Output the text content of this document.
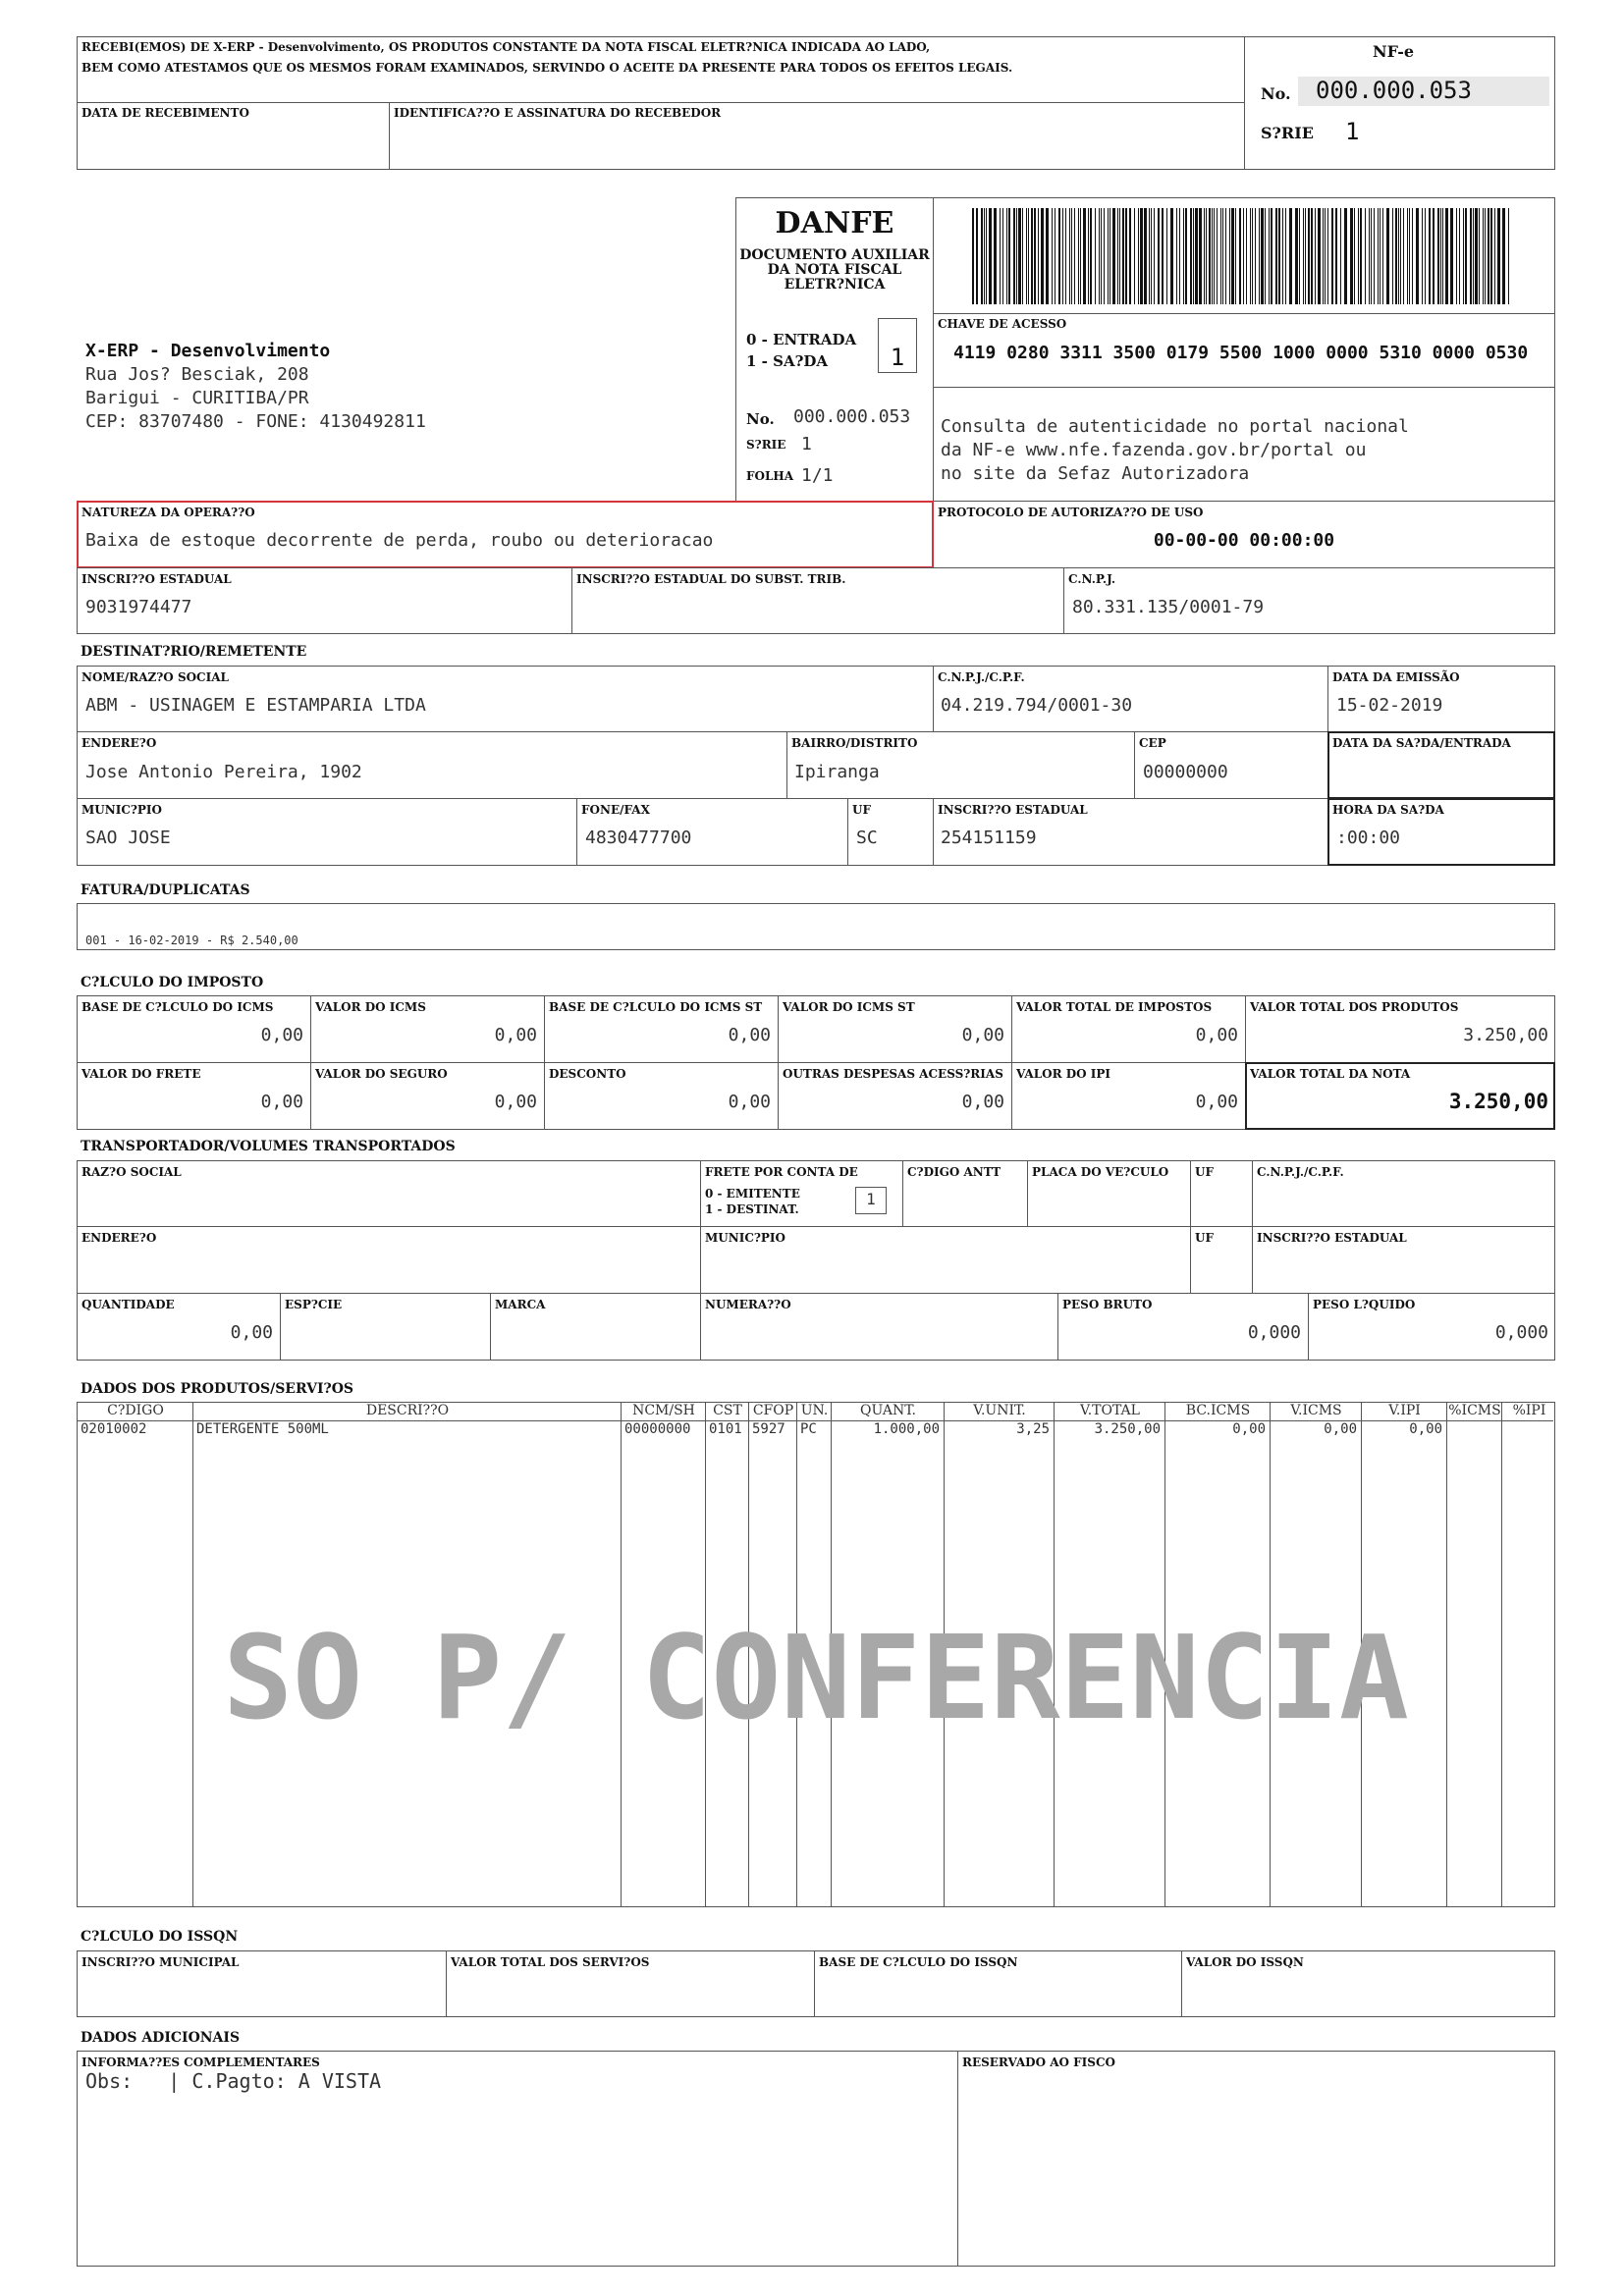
RECEBI(EMOS) DE X-ERP - Desenvolvimento, OS PRODUTOS CONSTANTE DA NOTA FISCAL ELETR?NICA INDICADA AO LADO,
BEM COMO ATESTAMOS QUE OS MESMOS FORAM EXAMINADOS, SERVINDO O ACEITE DA PRESENTE PARA TODOS OS EFEITOS LEGAIS.
DATA DE RECEBIMENTO	IDENTIFICA??O E ASSINATURA DO RECEBEDOR
NF-e
No. 000.000.053
S?RIE 1
X-ERP - Desenvolvimento
Rua Jos? Besciak, 208
Barigui - CURITIBA/PR
CEP: 83707480 - FONE: 4130492811
DANFE
DOCUMENTO AUXILIAR
DA NOTA FISCAL
ELETR?NICA
0 - ENTRADA
1 - SA?DA	1
No. 000.000.053
S?RIE 1
FOLHA 1/1
CHAVE DE ACESSO
4119 0280 3311 3500 0179 5500 1000 0000 5310 0000 0530
Consulta de autenticidade no portal nacional
da NF-e www.nfe.fazenda.gov.br/portal ou
no site da Sefaz Autorizadora
NATUREZA DA OPERA??O
Baixa de estoque decorrente de perda, roubo ou deterioracao
PROTOCOLO DE AUTORIZA??O DE USO
00-00-00 00:00:00
INSCRI??O ESTADUAL
9031974477
INSCRI??O ESTADUAL DO SUBST. TRIB.	C.N.P.J.
80.331.135/0001-79
DESTINAT?RIO/REMETENTE
NOME/RAZ?O SOCIAL
ABM - USINAGEM E ESTAMPARIA LTDA
C.N.P.J./C.P.F.
04.219.794/0001-30
DATA DA EMISSÃO
15-02-2019
ENDERE?O
Jose Antonio Pereira, 1902
BAIRRO/DISTRITO
Ipiranga
CEP
00000000
DATA DA SA?DA/ENTRADA
MUNIC?PIO
SAO JOSE
FONE/FAX
4830477700
UF
SC
INSCRI??O ESTADUAL
254151159
HORA DA SA?DA
:00:00
FATURA/DUPLICATAS
001 - 16-02-2019 - R$ 2.540,00
C?LCULO DO IMPOSTO
BASE DE C?LCULO DO ICMS
0,00
VALOR DO ICMS
0,00
BASE DE C?LCULO DO ICMS ST
0,00
VALOR DO ICMS ST
0,00
VALOR TOTAL DE IMPOSTOS
0,00
VALOR TOTAL DOS PRODUTOS
3.250,00
VALOR DO FRETE
0,00
VALOR DO SEGURO
0,00
DESCONTO
0,00
OUTRAS DESPESAS ACESS?RIAS
0,00
VALOR DO IPI
0,00
VALOR TOTAL DA NOTA
3.250,00
TRANSPORTADOR/VOLUMES TRANSPORTADOS
RAZ?O SOCIAL	FRETE POR CONTA DE
0 - EMITENTE
1 - DESTINAT.
1
C?DIGO ANTT	PLACA DO VE?CULO UF	C.N.P.J./C.P.F.
ENDERE?O	MUNIC?PIO	UF	INSCRI??O ESTADUAL
QUANTIDADE
0,00
ESP?CIE	MARCA	NUMERA??O	PESO BRUTO
0,000
PESO L?QUIDO
0,000
DADOS DOS PRODUTOS/SERVI?OS
C?DIGO	DESCRI??O	NCM/SH	CST CFOP UN.	QUANT.	V.UNIT.	V.TOTAL	BC.ICMS	V.ICMS	V.IPI	%ICMS %IPI
02010002	DETERGENTE 500ML	00000000	0101 5927	PC	1.000,00	3,25	3.250,00	0,00	0,00	0,00
SO P/ CONFERENCIA
C?LCULO DO ISSQN
INSCRI??O MUNICIPAL	VALOR TOTAL DOS SERVI?OS	BASE DE C?LCULO DO ISSQN	VALOR DO ISSQN
DADOS ADICIONAIS
INFORMA??ES COMPLEMENTARES
Obs:   | C.Pagto: A VISTA
RESERVADO AO FISCO
